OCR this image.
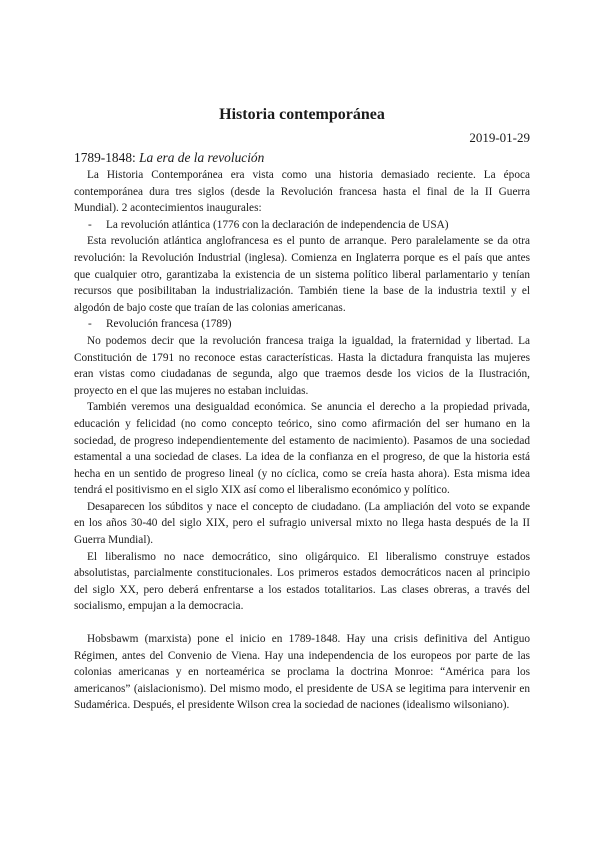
Historia contemporánea
2019-01-29
1789-1848: La era de la revolución

La Historia Contemporánea era vista como una historia demasiado reciente. La época contemporánea dura tres siglos (desde la Revolución francesa hasta el final de la II Guerra Mundial). 2 acontecimientos inaugurales:

-	La revolución atlántica (1776 con la declaración de independencia de USA)

Esta revolución atlántica anglofrancesa es el punto de arranque. Pero paralelamente se da otra revolución: la Revolución Industrial (inglesa). Comienza en Inglaterra porque es el país que antes que cualquier otro, garantizaba la existencia de un sistema político liberal parlamentario y tenían recursos que posibilitaban la industrialización. También tiene la base de la industria textil y el algodón de bajo coste que traían de las colonias americanas.

-	Revolución francesa (1789)

No podemos decir que la revolución francesa traiga la igualdad, la fraternidad y libertad. La Constitución de 1791 no reconoce estas características. Hasta la dictadura franquista las mujeres eran vistas como ciudadanas de segunda, algo que traemos desde los vicios de la Ilustración, proyecto en el que las mujeres no estaban incluidas.

También veremos una desigualdad económica. Se anuncia el derecho a la propiedad privada, educación y felicidad (no como concepto teórico, sino como afirmación del ser humano en la sociedad, de progreso independientemente del estamento de nacimiento). Pasamos de una sociedad estamental a una sociedad de clases. La idea de la confianza en el progreso, de que la historia está hecha en un sentido de progreso lineal (y no cíclica, como se creía hasta ahora). Esta misma idea tendrá el positivismo en el siglo XIX así como el liberalismo económico y político.

Desaparecen los súbditos y nace el concepto de ciudadano. (La ampliación del voto se expande en los años 30-40 del siglo XIX, pero el sufragio universal mixto no llega hasta después de la II Guerra Mundial).

El liberalismo no nace democrático, sino oligárquico. El liberalismo construye estados absolutistas, parcialmente constitucionales. Los primeros estados democráticos nacen al principio del siglo XX, pero deberá enfrentarse a los estados totalitarios. Las clases obreras, a través del socialismo, empujan a la democracia.

Hobsbawm (marxista) pone el inicio en 1789-1848. Hay una crisis definitiva del Antiguo Régimen, antes del Convenio de Viena. Hay una independencia de los europeos por parte de las colonias americanas y en norteamérica se proclama la doctrina Monroe: “América para los americanos” (aislacionismo). Del mismo modo, el presidente de USA se legitima para intervenir en Sudamérica. Después, el presidente Wilson crea la sociedad de naciones (idealismo wilsoniano).
